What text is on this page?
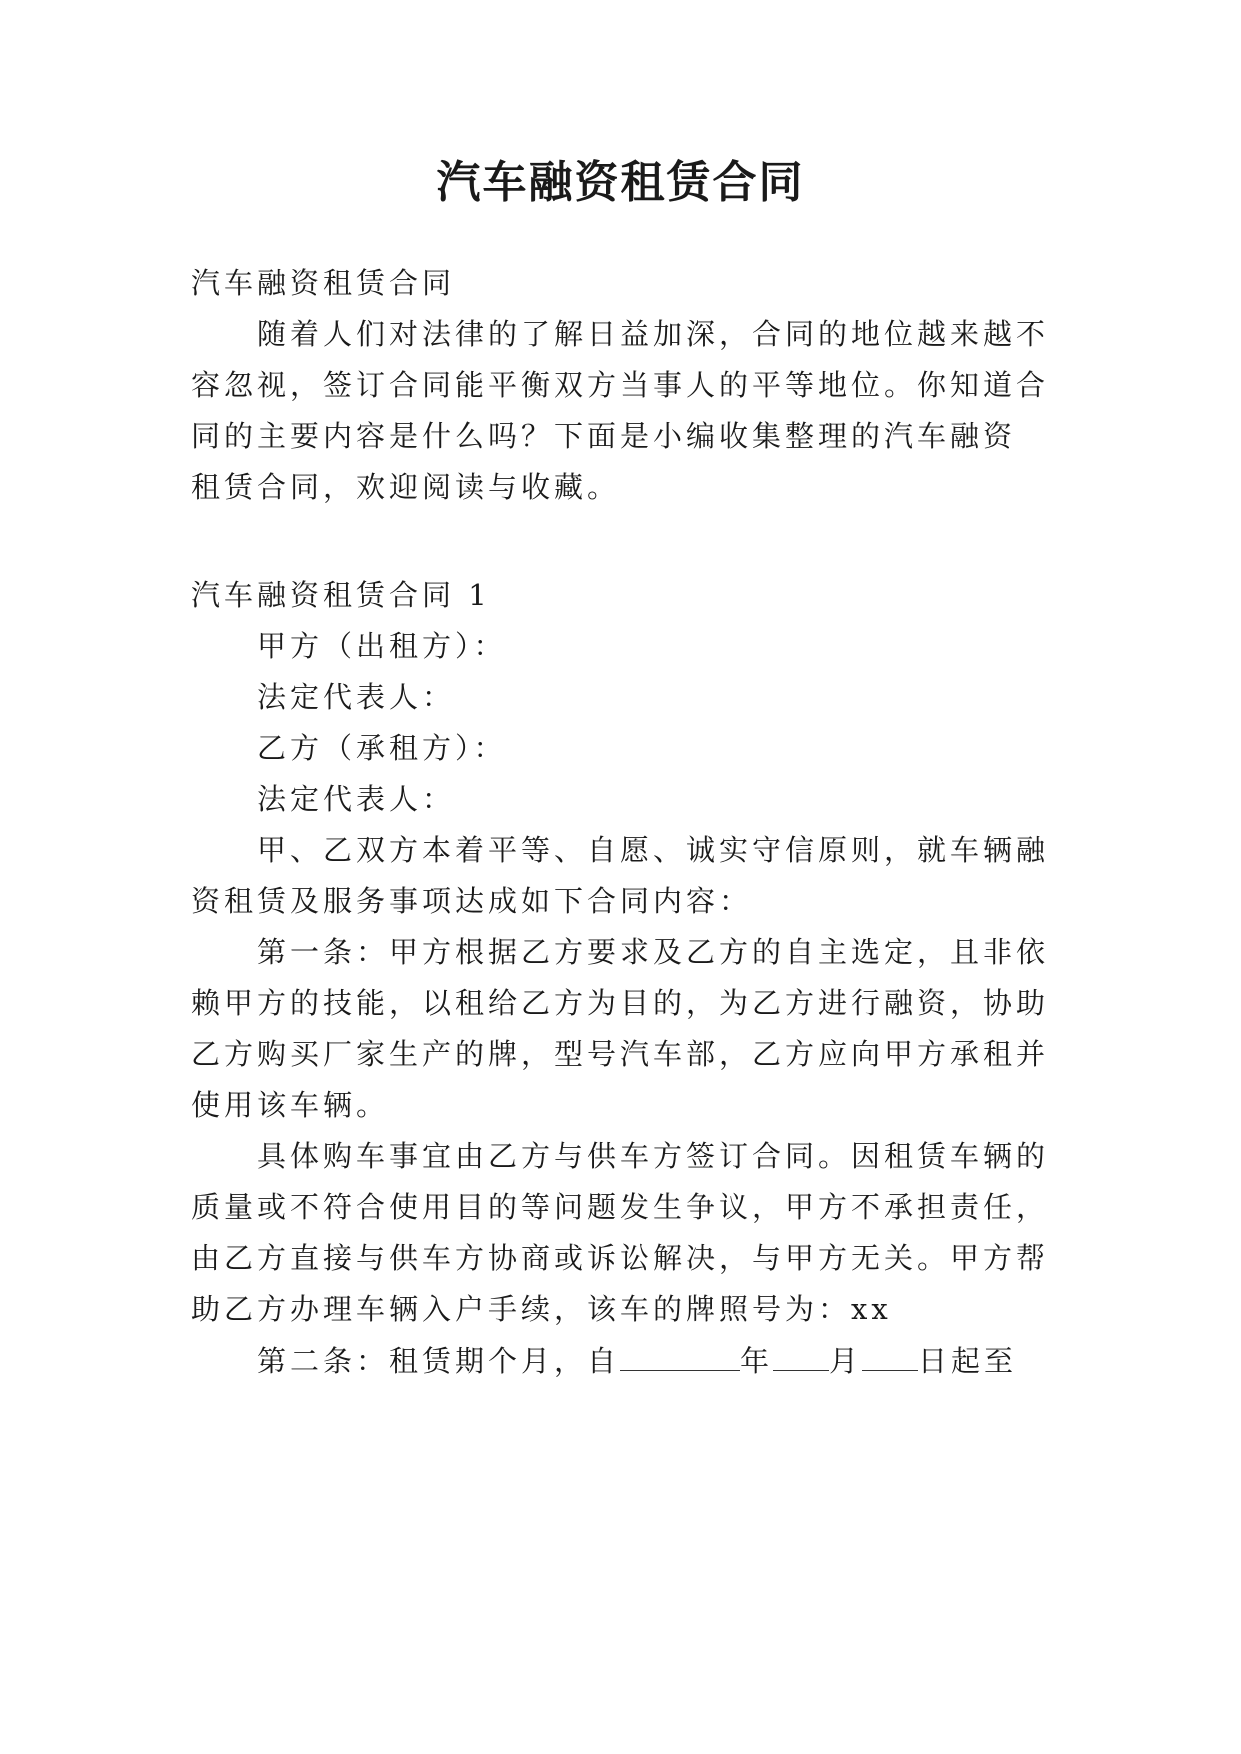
汽车融资租赁合同
汽车融资租赁合同
随着人们对法律的了解日益加深，合同的地位越来越不
容忽视，签订合同能平衡双方当事人的平等地位。你知道合
同的主要内容是什么吗？下面是小编收集整理的汽车融资
租赁合同，欢迎阅读与收藏。
汽车融资租赁合同 1
甲方（出租方）：
法定代表人：
乙方（承租方）：
法定代表人：
甲、乙双方本着平等、自愿、诚实守信原则，就车辆融
资租赁及服务事项达成如下合同内容：
第一条：甲方根据乙方要求及乙方的自主选定，且非依
赖甲方的技能，以租给乙方为目的，为乙方进行融资，协助
乙方购买厂家生产的牌，型号汽车部，乙方应向甲方承租并
使用该车辆。
具体购车事宜由乙方与供车方签订合同。因租赁车辆的
质量或不符合使用目的等问题发生争议，甲方不承担责任，
由乙方直接与供车方协商或诉讼解决，与甲方无关。甲方帮
助乙方办理车辆入户手续，该车的牌照号为：xx
第二条：租赁期个月，自	年 月 日起至
